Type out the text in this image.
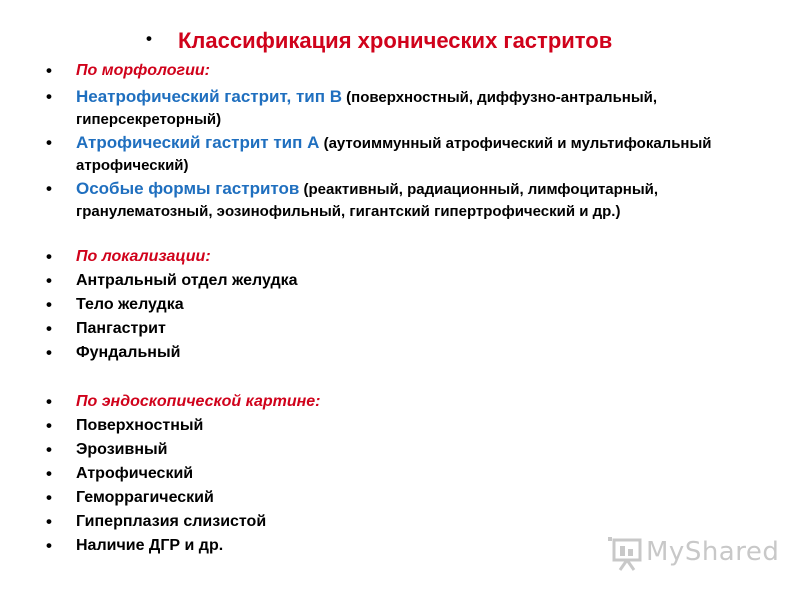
• Классификация хронических гастритов
• По морфологии:
• Неатрофический гастрит, тип В (поверхностный, диффузно-антральный, гиперсекреторный)
• Атрофический гастрит тип А (аутоиммунный атрофический и мультифокальный атрофический)
• Особые формы гастритов (реактивный, радиационный, лимфоцитарный, гранулематозный, эозинофильный, гигантский гипертрофический и др.)
• По локализации:
• Антральный отдел желудка
• Тело желудка
• Пангастрит
• Фундальный
• По эндоскопической картине:
• Поверхностный
• Эрозивный
• Атрофический
• Геморрагический
• Гиперплазия слизистой
• Наличие ДГР и др.	MyShared
